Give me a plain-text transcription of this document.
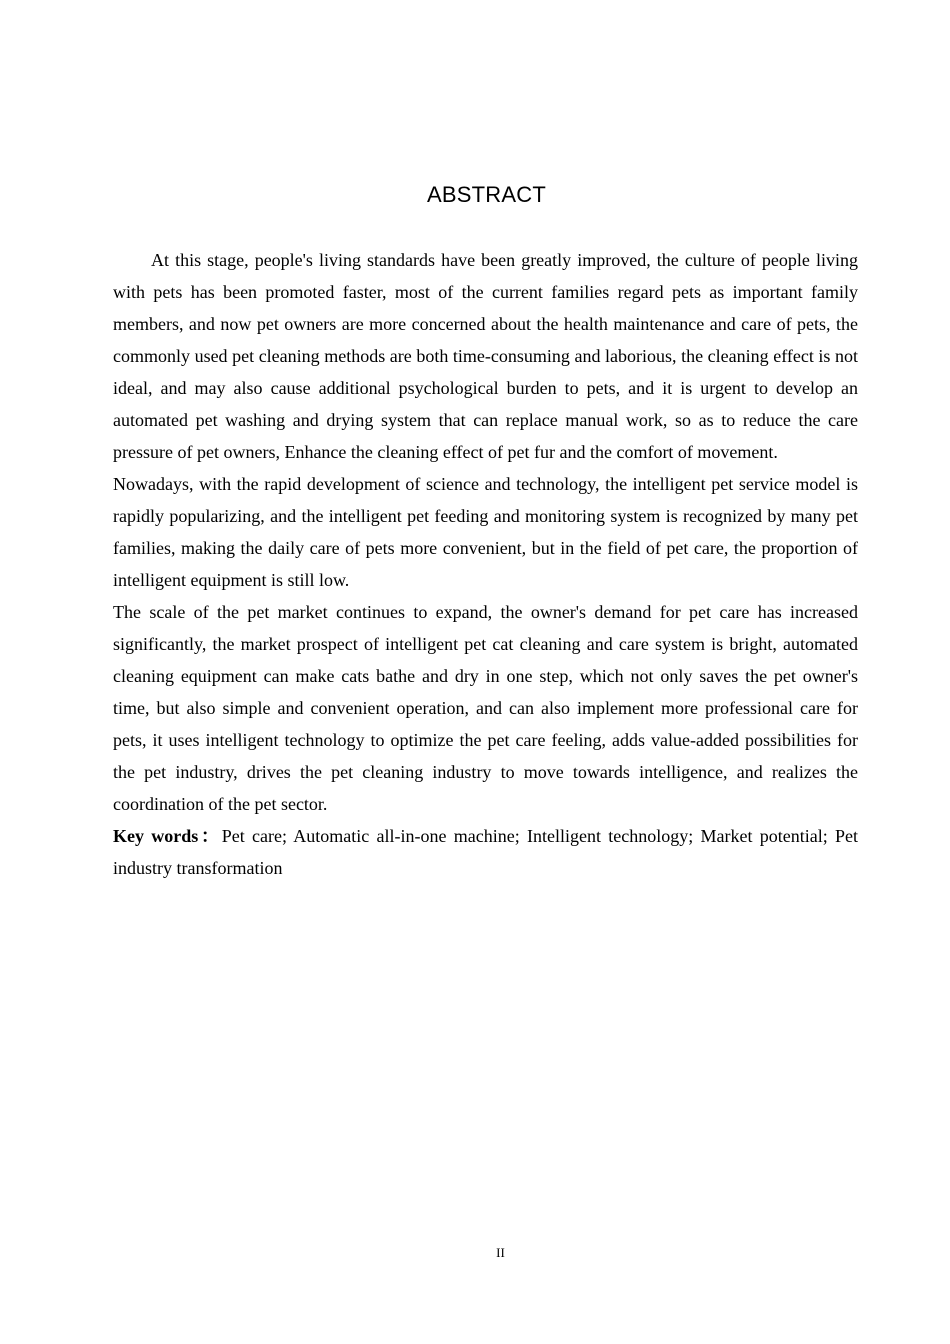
ABSTRACT

At this stage, people's living standards have been greatly improved, the culture of people living with pets has been promoted faster, most of the current families regard pets as important family members, and now pet owners are more concerned about the health maintenance and care of pets, the commonly used pet cleaning methods are both time-consuming and laborious, the cleaning effect is not ideal, and may also cause additional psychological burden to pets, and it is urgent to develop an automated pet washing and drying system that can replace manual work, so as to reduce the care pressure of pet owners, Enhance the cleaning effect of pet fur and the comfort of movement.

Nowadays, with the rapid development of science and technology, the intelligent pet service model is rapidly popularizing, and the intelligent pet feeding and monitoring system is recognized by many pet families, making the daily care of pets more convenient, but in the field of pet care, the proportion of intelligent equipment is still low.

The scale of the pet market continues to expand, the owner's demand for pet care has increased significantly, the market prospect of intelligent pet cat cleaning and care system is bright, automated cleaning equipment can make cats bathe and dry in one step, which not only saves the pet owner's time, but also simple and convenient operation, and can also implement more professional care for pets, it uses intelligent technology to optimize the pet care feeling, adds value-added possibilities for the pet industry, drives the pet cleaning industry to move towards intelligence, and realizes the coordination of the pet sector.

Key words：Pet care; Automatic all-in-one machine; Intelligent technology; Market potential; Pet industry transformation

II
